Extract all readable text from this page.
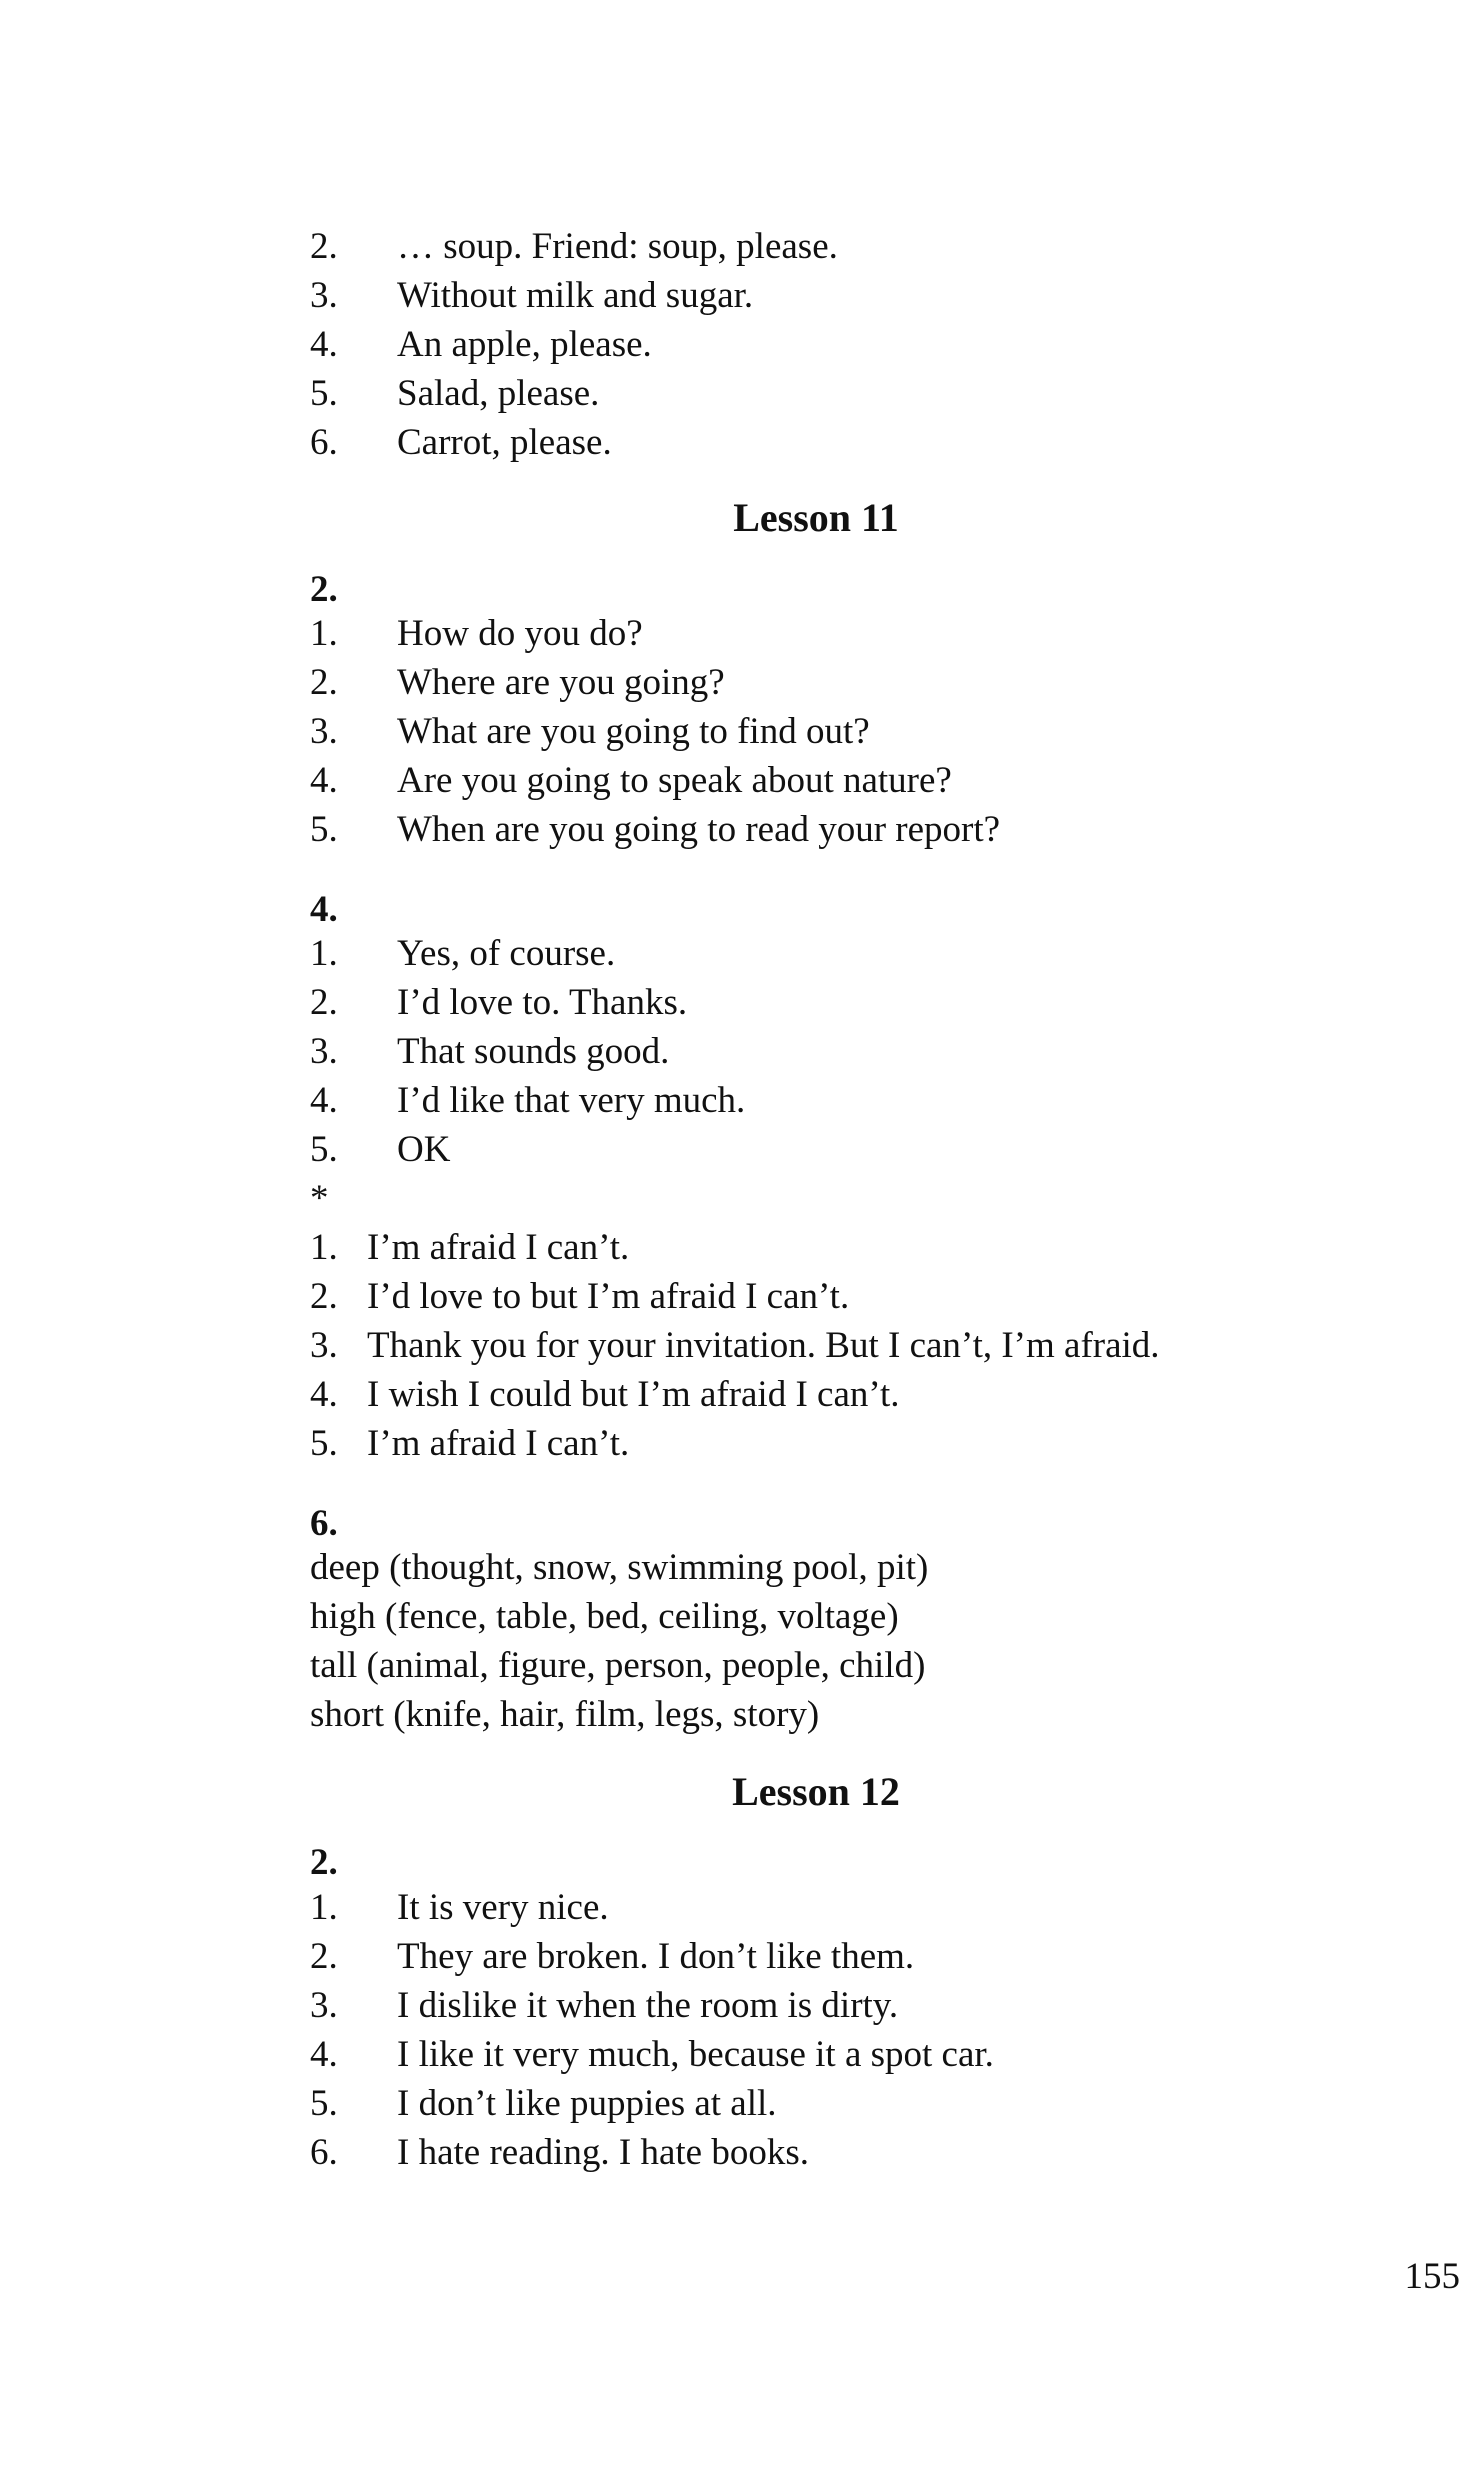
2. … soup. Friend: soup, please.
3. Without milk and sugar.
4. An apple, please.
5. Salad, please.
6. Carrot, please.
Lesson 11
2.
1. How do you do?
2. Where are you going?
3. What are you going to find out?
4. Are you going to speak about nature?
5. When are you going to read your report?
4.
1. Yes, of course.
2. I’d love to. Thanks.
3. That sounds good.
4. I’d like that very much.
5. OK
*
1. I’m afraid I can’t.
2. I’d love to but I’m afraid I can’t.
3. Thank you for your invitation. But I can’t, I’m afraid.
4. I wish I could but I’m afraid I can’t.
5. I’m afraid I can’t.
6.
deep (thought, snow, swimming pool, pit)
high (fence, table, bed, ceiling, voltage)
tall (animal, figure, person, people, child)
short (knife, hair, film, legs, story)
Lesson 12
2.
1. It is very nice.
2. They are broken. I don’t like them.
3. I dislike it when the room is dirty.
4. I like it very much, because it a spot car.
5. I don’t like puppies at all.
6. I hate reading. I hate books.
155
